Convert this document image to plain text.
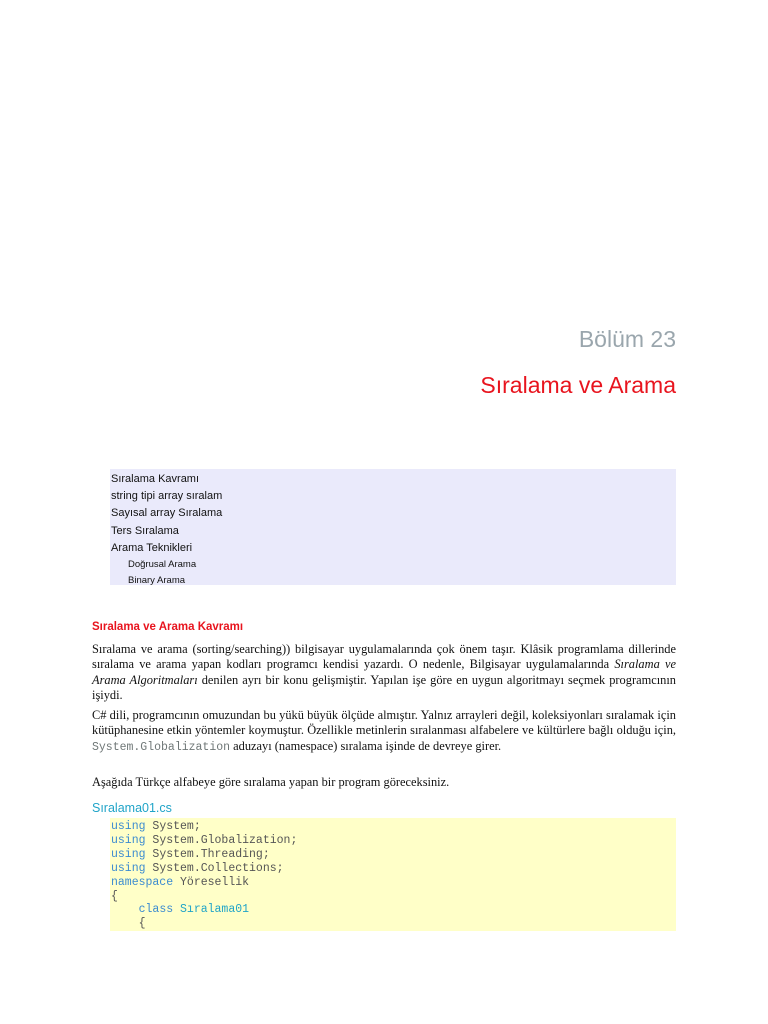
Bölüm 23
Sıralama ve Arama
Sıralama Kavramı
string tipi array sıralam
Sayısal array Sıralama
Ters Sıralama
Arama Teknikleri
Doğrusal Arama
Binary Arama
Sıralama ve Arama Kavramı

Sıralama ve arama (sorting/searching)) bilgisayar uygulamalarında çok önem taşır. Klâsik programlama dillerinde sıralama ve arama yapan kodları programcı kendisi yazardı. O nedenle, Bilgisayar uygulamalarında Sıralama ve Arama Algoritmaları denilen ayrı bir konu gelişmiştir. Yapılan işe göre en uygun algoritmayı seçmek programcının işiydi.

C# dili, programcının omuzundan bu yükü büyük ölçüde almıştır. Yalnız arrayleri değil, koleksiyonları sıralamak için kütüphanesine etkin yöntemler koymuştur. Özellikle metinlerin sıralanması alfabelere ve kültürlere bağlı olduğu için, System.Globalization aduzayı (namespace) sıralama işinde de devreye girer.

Aşağıda Türkçe alfabeye göre sıralama yapan bir program göreceksiniz.

Sıralama01.cs
using System;
using System.Globalization;
using System.Threading;
using System.Collections;
namespace Yöresellik
{
class Sıralama01
{
